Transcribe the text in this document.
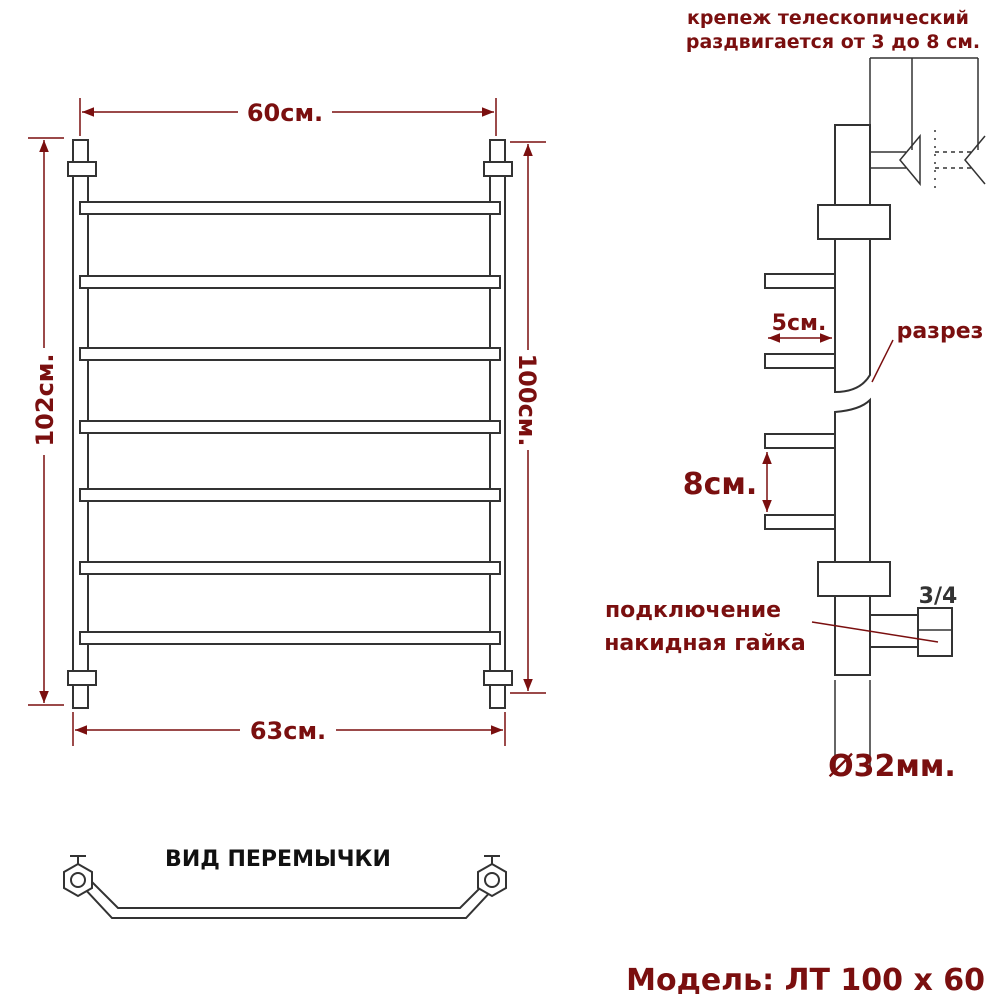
60см.
63см.
102см.	100см.
крепеж телескопический
раздвигается от 3 до 8 см.
5см.	разрез
8см.
3/4
подключение
накидная гайка
Ø32мм.
ВИД ПЕРЕМЫЧКИ
Модель: ЛТ 100 х 60
